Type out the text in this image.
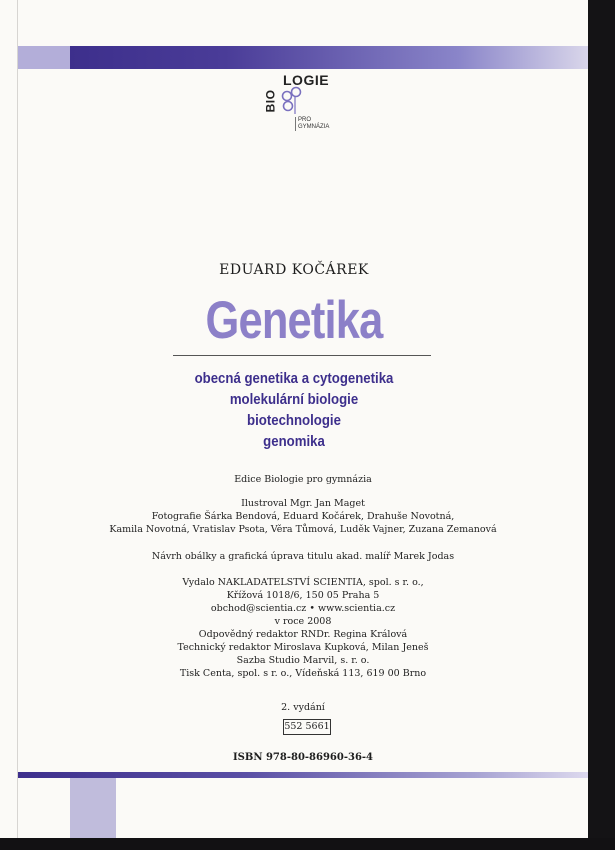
LOGIE
BIO
PRO
GYMNÁZIA
EDUARD KOČÁREK
Genetika
obecná genetika a cytogenetika
molekulární biologie
biotechnologie
genomika
Edice Biologie pro gymnázia
Ilustroval Mgr. Jan Maget
Fotografie Šárka Bendová, Eduard Kočárek, Drahuše Novotná,
Kamila Novotná, Vratislav Psota, Věra Tůmová, Luděk Vajner, Zuzana Zemanová
Návrh obálky a grafická úprava titulu akad. malíř Marek Jodas
Vydalo NAKLADATELSTVÍ SCIENTIA, spol. s r. o.,
Křížová 1018/6, 150 05 Praha 5
obchod@scientia.cz • www.scientia.cz
v roce 2008
Odpovědný redaktor RNDr. Regina Králová
Technický redaktor Miroslava Kupková, Milan Jeneš
Sazba Studio Marvil, s. r. o.
Tisk Centa, spol. s r. o., Vídeňská 113, 619 00 Brno
2. vydání
552 5661
ISBN 978-80-86960-36-4
